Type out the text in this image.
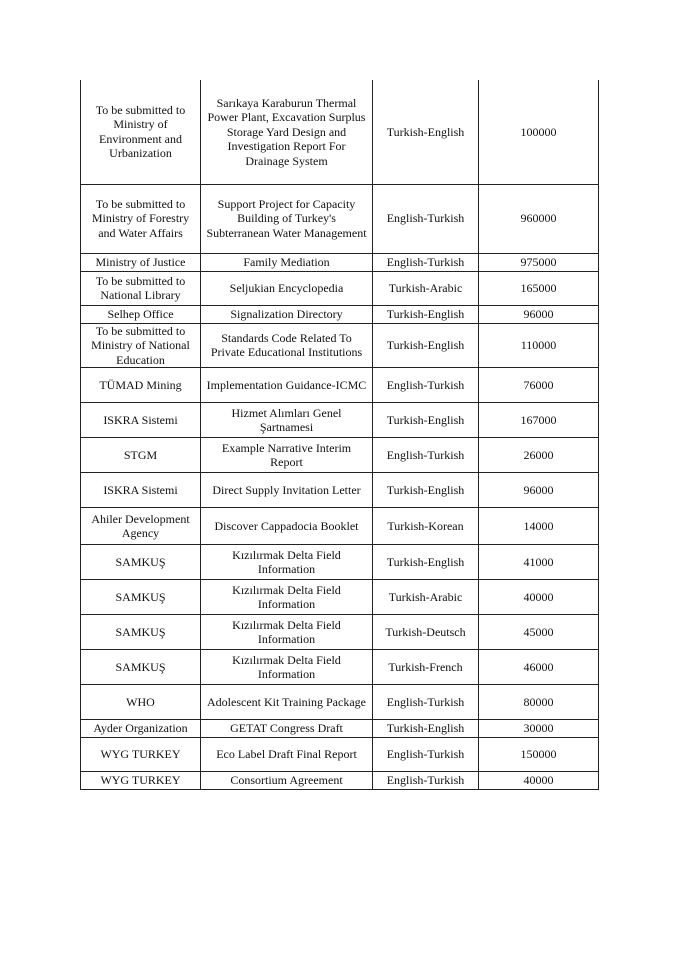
To be submitted to Ministry of Environment and Urbanization	Sarıkaya Karaburun Thermal Power Plant, Excavation Surplus Storage Yard Design and Investigation Report For Drainage System	Turkish-English	100000
To be submitted to Ministry of Forestry and Water Affairs	Support Project for Capacity Building of Turkey's Subterranean Water Management	English-Turkish	960000
Ministry of Justice	Family Mediation	English-Turkish	975000
To be submitted to National Library	Seljukian Encyclopedia	Turkish-Arabic	165000
Selhep Office	Signalization Directory	Turkish-English	96000
To be submitted to Ministry of National Education	Standards Code Related To Private Educational Institutions	Turkish-English	110000
TÜMAD Mining	Implementation Guidance-ICMC	English-Turkish	76000
ISKRA Sistemi	Hizmet Alımları Genel Şartnamesi	Turkish-English	167000
STGM	Example Narrative Interim Report	English-Turkish	26000
ISKRA Sistemi	Direct Supply Invitation Letter	Turkish-English	96000
Ahiler Development Agency	Discover Cappadocia Booklet	Turkish-Korean	14000
SAMKUŞ	Kızılırmak Delta Field Information	Turkish-English	41000
SAMKUŞ	Kızılırmak Delta Field Information	Turkish-Arabic	40000
SAMKUŞ	Kızılırmak Delta Field Information	Turkish-Deutsch	45000
SAMKUŞ	Kızılırmak Delta Field Information	Turkish-French	46000
WHO	Adolescent Kit Training Package	English-Turkish	80000
Ayder Organization	GETAT Congress Draft	Turkish-English	30000
WYG TURKEY	Eco Label Draft Final Report	English-Turkish	150000
WYG TURKEY	Consortium Agreement	English-Turkish	40000
